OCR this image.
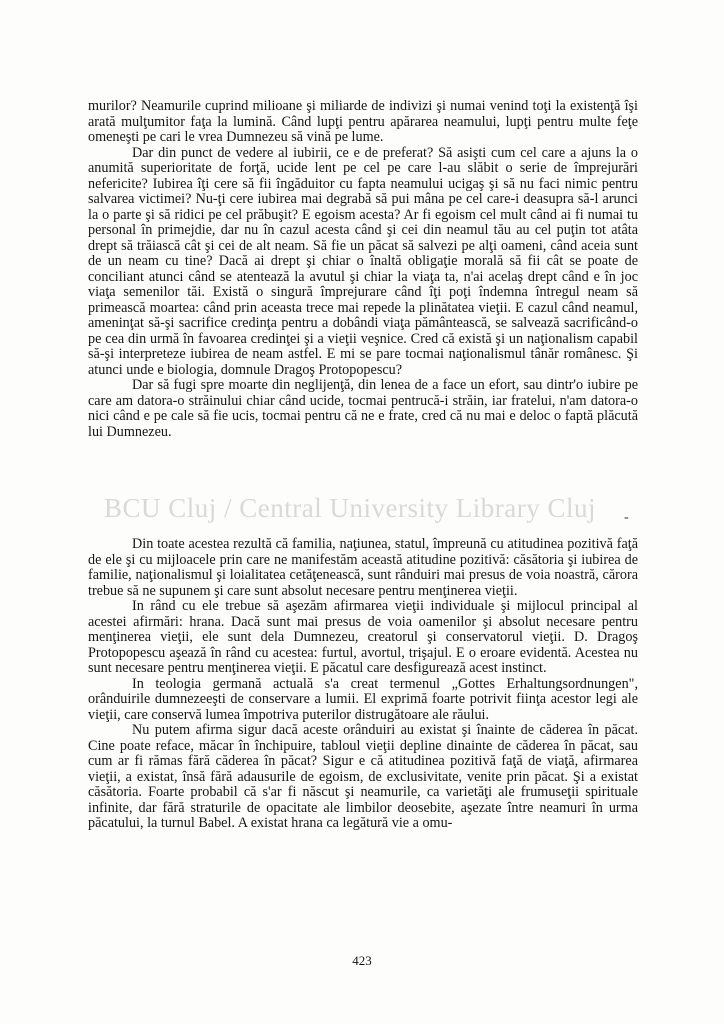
murilor? Neamurile cuprind milioane şi miliarde de indivizi şi numai venind toţi la existenţă îşi arată mulţumitor faţa la lumină. Când lupţi pentru apărarea neamului, lupţi pentru multe feţe omeneşti pe cari le vrea Dumnezeu să vină pe lume.

Dar din punct de vedere al iubirii, ce e de preferat? Să asişti cum cel care a ajuns la o anumită superioritate de forţă, ucide lent pe cel pe care l-au slăbit o serie de împrejurări nefericite? Iubirea îţi cere să fii îngăduitor cu fapta neamului ucigaş şi să nu faci nimic pentru salvarea victimei? Nu-ţi cere iubirea mai degrabă să pui mâna pe cel care-i deasupra să-l arunci la o parte şi să ridici pe cel prăbuşit? E egoism acesta? Ar fi egoism cel mult când ai fi numai tu personal în primejdie, dar nu în cazul acesta când şi cei din neamul tău au cel puţin tot atâta drept să trăiască cât şi cei de alt neam. Să fie un păcat să salvezi pe alţi oameni, când aceia sunt de un neam cu tine? Dacă ai drept şi chiar o înaltă obligaţie morală să fii cât se poate de conciliant atunci când se atentează la avutul şi chiar la viaţa ta, n'ai acelaş drept când e în joc viaţa semenilor tăi. Există o singură împrejurare când îţi poţi îndemna întregul neam să primească moartea: când prin aceasta trece mai repede la plinătatea vieţii. E cazul când neamul, ameninţat să-şi sacrifice credinţa pentru a dobândi viaţa pământească, se salvează sacrificând-o pe cea din urmă în favoarea credinţei şi a vieţii veşnice. Cred că există şi un naţionalism capabil să-şi interpreteze iubirea de neam astfel. E mi se pare tocmai naţionalismul tânăr românesc. Şi atunci unde e biologia, domnule Dragoş Protopopescu?

Dar să fugi spre moarte din neglijenţă, din lenea de a face un efort, sau dintr'o iubire pe care am datora-o străinului chiar când ucide, tocmai pentrucă-i străin, iar fratelui, n'am datora-o nici când e pe cale să fie ucis, tocmai pentru că ne e frate, cred că nu mai e deloc o faptă plăcută lui Dumnezeu.

BCU Cluj / Central University Library Cluj	-

Din toate acestea rezultă că familia, naţiunea, statul, împreună cu atitudinea pozitivă faţă de ele şi cu mijloacele prin care ne manifestăm această atitudine pozitivă: căsătoria şi iubirea de familie, naţionalismul şi loialitatea cetăţenească, sunt rânduiri mai presus de voia noastră, cărora trebue să ne supunem şi care sunt absolut necesare pentru menţinerea vieţii.

In rând cu ele trebue să aşezăm afirmarea vieţii individuale şi mijlocul principal al acestei afirmări: hrana. Dacă sunt mai presus de voia oamenilor şi absolut necesare pentru menţinerea vieţii, ele sunt dela Dumnezeu, creatorul şi conservatorul vieţii. D. Dragoş Protopopescu aşează în rând cu acestea: furtul, avortul, trişajul. E o eroare evidentă. Acestea nu sunt necesare pentru menţinerea vieţii. E păcatul care desfigurează acest instinct.

In teologia germană actuală s'a creat termenul „Gottes Erhaltungsordnungen", orânduirile dumnezeeşti de conservare a lumii. El exprimă foarte potrivit fiinţa acestor legi ale vieţii, care conservă lumea împotriva puterilor distrugătoare ale răului.

Nu putem afirma sigur dacă aceste orânduiri au existat şi înainte de căderea în păcat. Cine poate reface, măcar în închipuire, tabloul vieţii depline dinainte de căderea în păcat, sau cum ar fi rămas fără căderea în păcat? Sigur e că atitudinea pozitivă faţă de viaţă, afirmarea vieţii, a existat, însă fără adausurile de egoism, de exclusivitate, venite prin păcat. Şi a existat căsătoria. Foarte probabil că s'ar fi născut şi neamurile, ca varietăţi ale frumuseţii spirituale infinite, dar fără straturile de opacitate ale limbilor deosebite, aşezate între neamuri în urma păcatului, la turnul Babel. A existat hrana ca legătură vie a omu-

423
